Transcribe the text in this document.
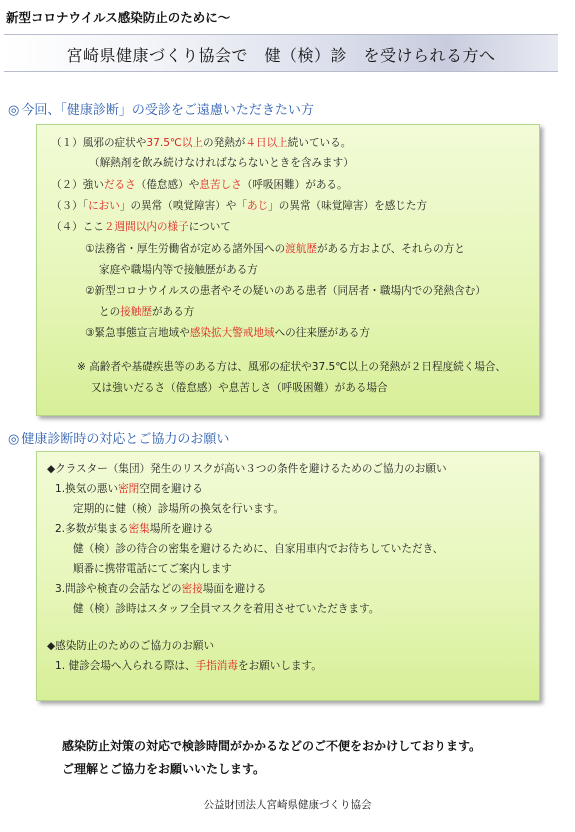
新型コロナウイルス感染防止のために～
宮崎県健康づくり協会で　健（検）診　を受けられる方へ
◎ 今回、「健康診断」の受診をご遠慮いただきたい方
（１）風邪の症状や37.5℃以上の発熱が４日以上続いている。
（解熱剤を飲み続けなければならないときを含みます）
（２）強いだるさ（倦怠感）や息苦しさ（呼吸困難）がある。
（３）「におい」の異常（嗅覚障害）や「あじ」の異常（味覚障害）を感じた方
（４）ここ２週間以内の様子について
①法務省・厚生労働省が定める諸外国への渡航歴がある方および、それらの方と
家庭や職場内等で接触歴がある方
②新型コロナウイルスの患者やその疑いのある患者（同居者・職場内での発熱含む）
との接触歴がある方
③緊急事態宣言地域や感染拡大警戒地域への往来歴がある方
※ 高齢者や基礎疾患等のある方は、風邪の症状や37.5℃以上の発熱が２日程度続く場合、
又は強いだるさ（倦怠感）や息苦しさ（呼吸困難）がある場合
◎ 健康診断時の対応とご協力のお願い
◆クラスター（集団）発生のリスクが高い３つの条件を避けるためのご協力のお願い
1.換気の悪い密閉空間を避ける
定期的に健（検）診場所の換気を行います。
2.多数が集まる密集場所を避ける
健（検）診の待合の密集を避けるために、自家用車内でお待ちしていただき、
順番に携帯電話にてご案内します
3.問診や検査の会話などの密接場面を避ける
健（検）診時はスタッフ全員マスクを着用させていただきます。
◆感染防止のためのご協力のお願い
1. 健診会場へ入られる際は、手指消毒をお願いします。
感染防止対策の対応で検診時間がかかるなどのご不便をおかけしております。
ご理解とご協力をお願いいたします。
公益財団法人宮崎県健康づくり協会
